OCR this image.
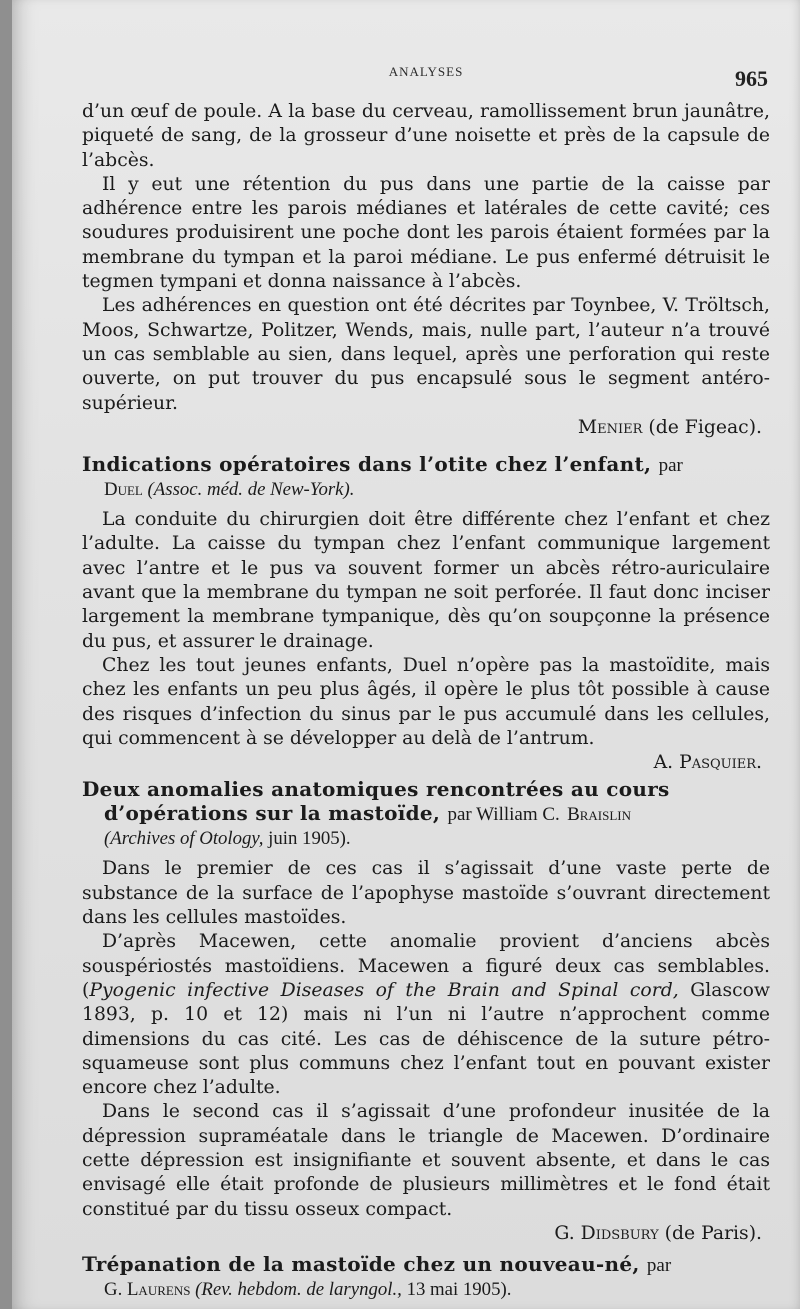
ANALYSES	965

d’un œuf de poule. A la base du cerveau, ramollissement brun jaunâtre, piqueté de sang, de la grosseur d’une noisette et près de la capsule de l’abcès.

Il y eut une rétention du pus dans une partie de la caisse par adhérence entre les parois médianes et latérales de cette cavité; ces soudures produisirent une poche dont les parois étaient formées par la membrane du tympan et la paroi médiane. Le pus enfermé détruisit le tegmen tympani et donna naissance à l’abcès.

Les adhérences en question ont été décrites par Toynbee, V. Tröltsch, Moos, Schwartze, Politzer, Wends, mais, nulle part, l’auteur n’a trouvé un cas semblable au sien, dans lequel, après une perforation qui reste ouverte, on put trouver du pus encapsulé sous le segment antéro-supérieur.

Menier (de Figeac).

Indications opératoires dans l’otite chez l’enfant, par

Duel (Assoc. méd. de New-York).

La conduite du chirurgien doit être différente chez l’enfant et chez l’adulte. La caisse du tympan chez l’enfant communique largement avec l’antre et le pus va souvent former un abcès rétro-auriculaire avant que la membrane du tympan ne soit perforée. Il faut donc inciser largement la membrane tympanique, dès qu’on soupçonne la présence du pus, et assurer le drainage.

Chez les tout jeunes enfants, Duel n’opère pas la mastoïdite, mais chez les enfants un peu plus âgés, il opère le plus tôt possible à cause des risques d’infection du sinus par le pus accumulé dans les cellules, qui commencent à se développer au delà de l’antrum.

A. Pasquier.

Deux anomalies anatomiques rencontrées au cours
d’opérations sur la mastoïde, par William C. Braislin

(Archives of Otology, juin 1905).

Dans le premier de ces cas il s’agissait d’une vaste perte de substance de la surface de l’apophyse mastoïde s’ouvrant directement dans les cellules mastoïdes.

D’après Macewen, cette anomalie provient d’anciens abcès souspériostés mastoïdiens. Macewen a figuré deux cas semblables. (Pyogenic infective Diseases of the Brain and Spinal cord, Glascow 1893, p. 10 et 12) mais ni l’un ni l’autre n’approchent comme dimensions du cas cité. Les cas de déhiscence de la suture pétro-squameuse sont plus communs chez l’enfant tout en pouvant exister encore chez l’adulte.

Dans le second cas il s’agissait d’une profondeur inusitée de la dépression supraméatale dans le triangle de Macewen. D’ordinaire cette dépression est insignifiante et souvent absente, et dans le cas envisagé elle était profonde de plusieurs millimètres et le fond était constitué par du tissu osseux compact.

G. Didsbury (de Paris).

Trépanation de la mastoïde chez un nouveau-né, par

G. Laurens (Rev. hebdom. de laryngol., 13 mai 1905).
